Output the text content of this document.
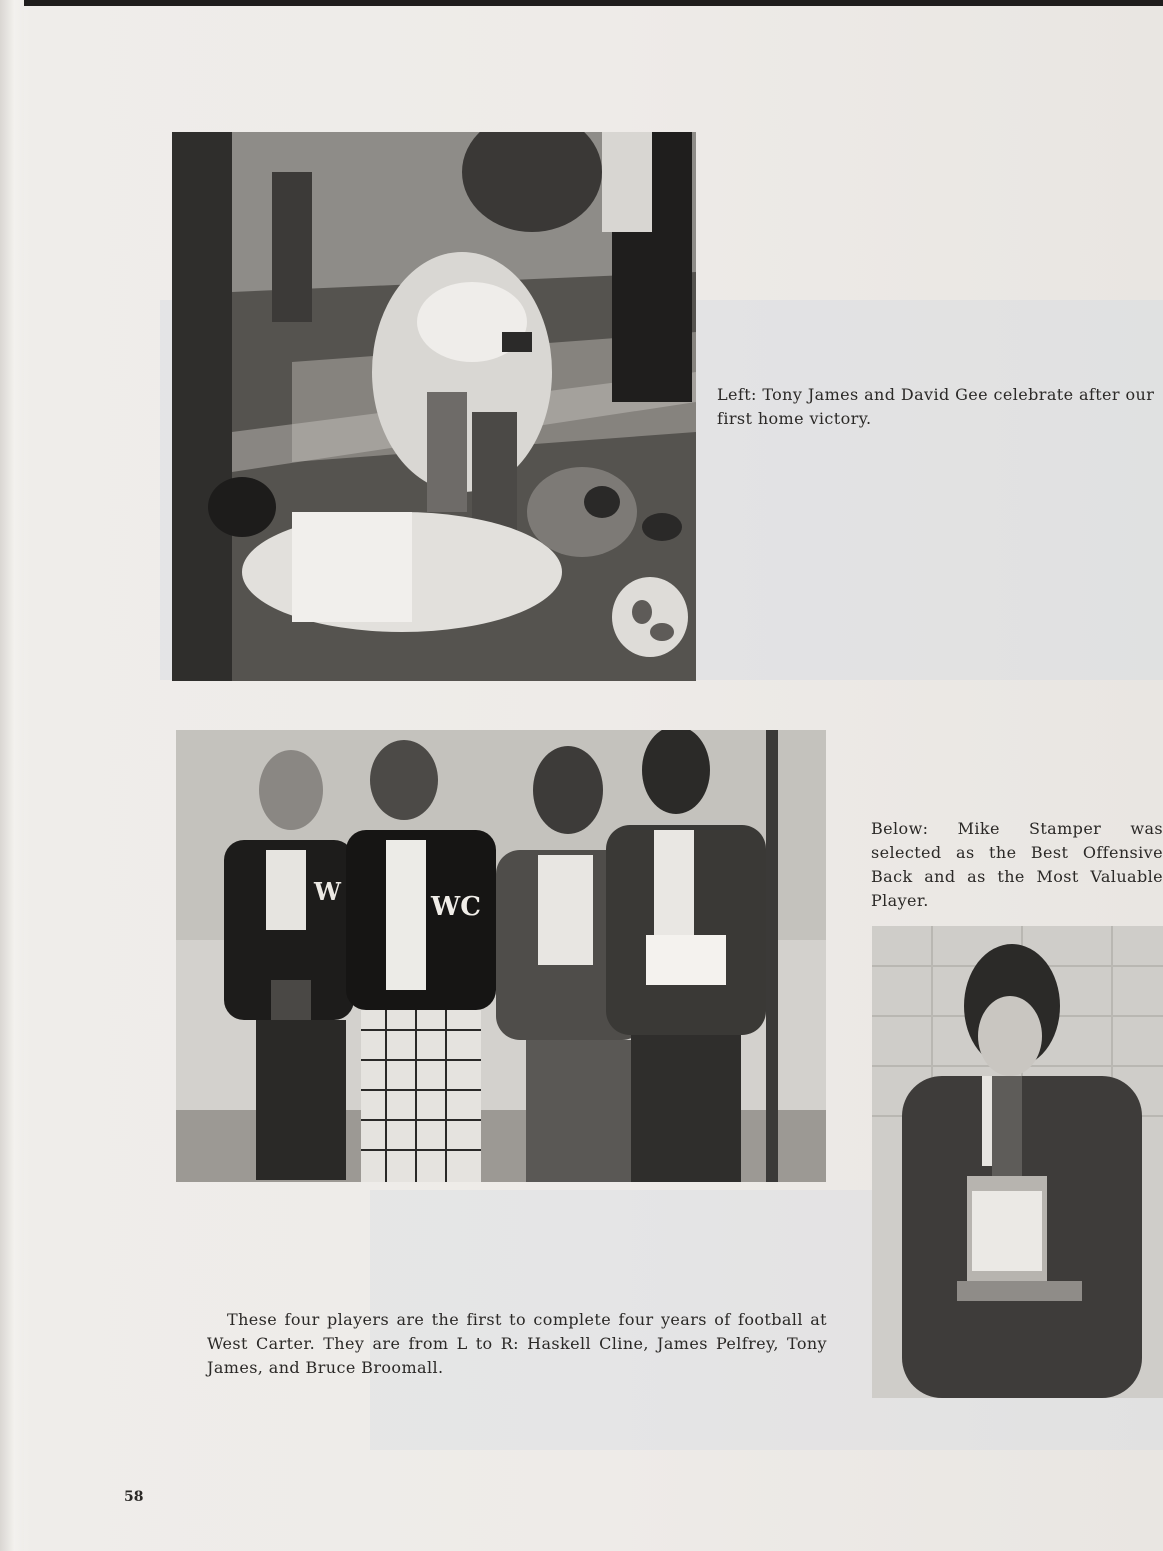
Left: Tony James and David Gee celebrate after our first home victory.

W
WC

Below: Mike Stamper was selected as the Best Offensive Back and as the Most Valuable Player.

These four players are the first to complete four years of football at West Carter. They are from L to R: Haskell Cline, James Pelfrey, Tony James, and Bruce Broomall.

58
